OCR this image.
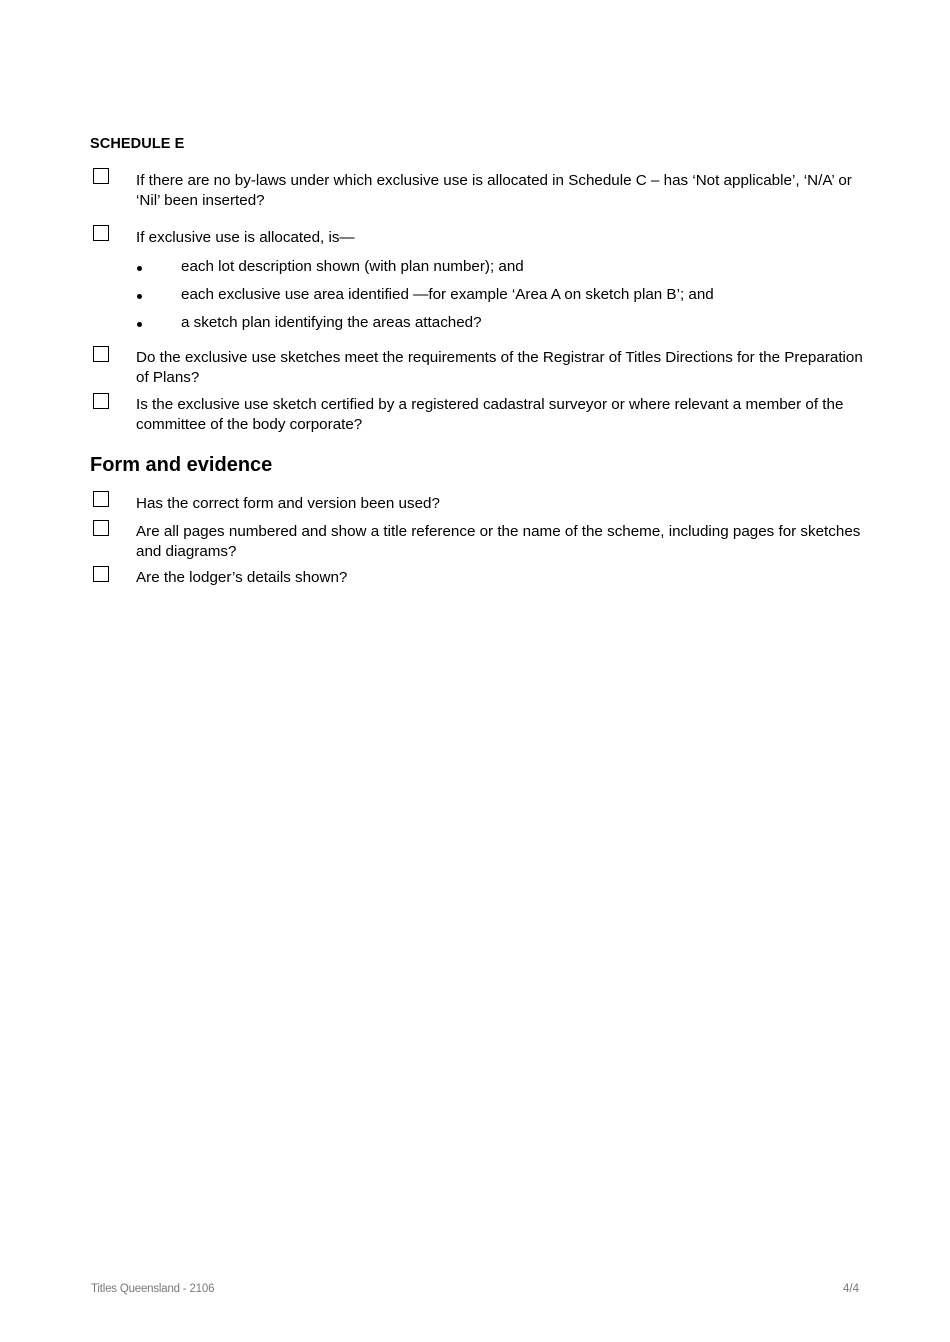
SCHEDULE E
If there are no by-laws under which exclusive use is allocated in Schedule C – has ‘Not applicable’, ‘N/A’ or ‘Nil’ been inserted?
If exclusive use is allocated, is—
each lot description shown (with plan number); and
each exclusive use area identified —for example ‘Area A on sketch plan B’; and
a sketch plan identifying the areas attached?
Do the exclusive use sketches meet the requirements of the Registrar of Titles Directions for the Preparation of Plans?
Is the exclusive use sketch certified by a registered cadastral surveyor or where relevant a member of the committee of the body corporate?
Form and evidence
Has the correct form and version been used?
Are all pages numbered and show a title reference or the name of the scheme, including pages for sketches and diagrams?
Are the lodger’s details shown?
Titles Queensland - 2106	4/4
